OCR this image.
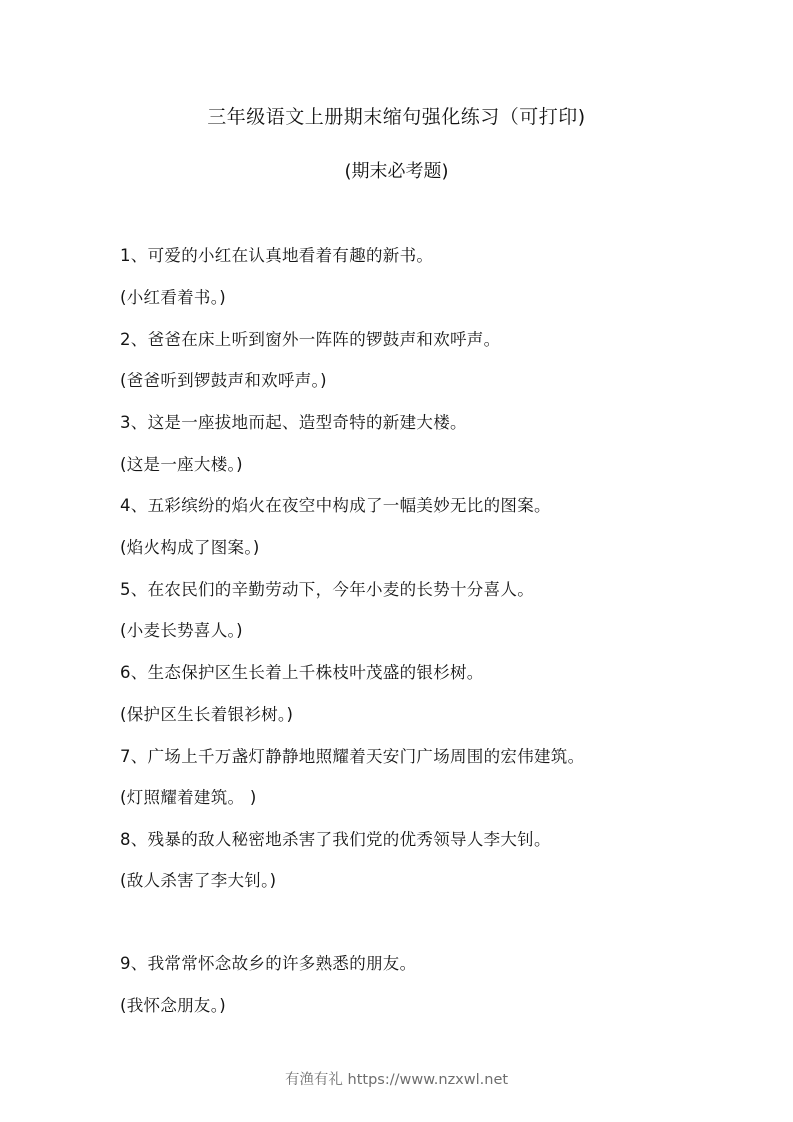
三年级语文上册期末缩句强化练习（可打印)
(期末必考题)
1、可爱的小红在认真地看着有趣的新书。
(小红看着书。)
2、爸爸在床上听到窗外一阵阵的锣鼓声和欢呼声。
(爸爸听到锣鼓声和欢呼声。)
3、这是一座拔地而起、造型奇特的新建大楼。
(这是一座大楼。)
4、五彩缤纷的焰火在夜空中构成了一幅美妙无比的图案。
(焰火构成了图案。)
5、在农民们的辛勤劳动下，今年小麦的长势十分喜人。
(小麦长势喜人。)
6、生态保护区生长着上千株枝叶茂盛的银杉树。
(保护区生长着银衫树。)
7、广场上千万盏灯静静地照耀着天安门广场周围的宏伟建筑。
(灯照耀着建筑。 )
8、残暴的敌人秘密地杀害了我们党的优秀领导人李大钊。
(敌人杀害了李大钊。)
9、我常常怀念故乡的许多熟悉的朋友。
(我怀念朋友。)
有渔有礼 https://www.nzxwl.net
